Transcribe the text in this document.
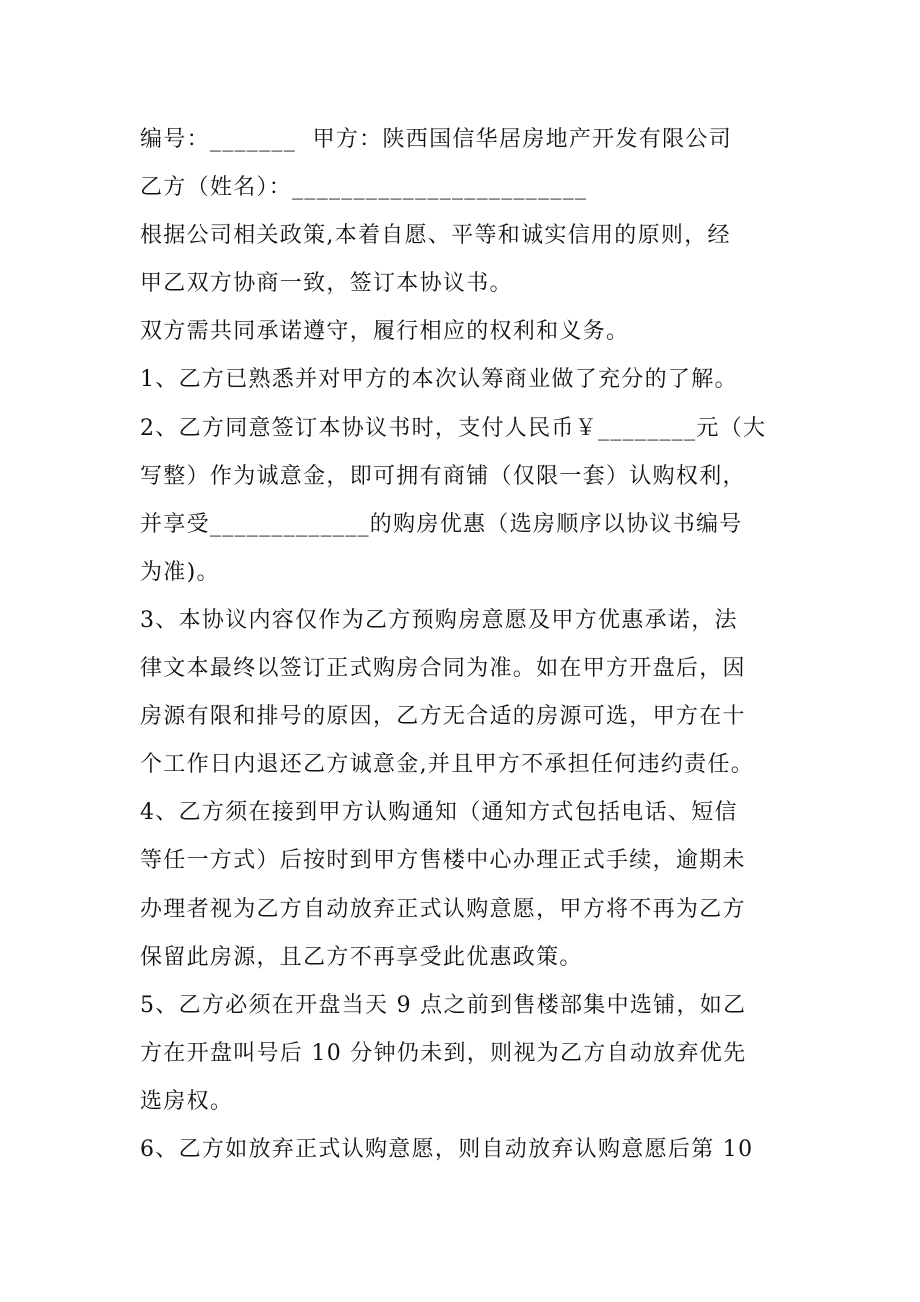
编号：_______  甲方：陕西国信华居房地产开发有限公司
乙方（姓名）：________________________
根据公司相关政策,本着自愿、平等和诚实信用的原则，经
甲乙双方协商一致，签订本协议书。
双方需共同承诺遵守，履行相应的权利和义务。
1、乙方已熟悉并对甲方的本次认筹商业做了充分的了解。
2、乙方同意签订本协议书时，支付人民币￥________元（大
写整）作为诚意金，即可拥有商铺（仅限一套）认购权利，
并享受_____________的购房优惠（选房顺序以协议书编号
为准)。
3、本协议内容仅作为乙方预购房意愿及甲方优惠承诺，法
律文本最终以签订正式购房合同为准。如在甲方开盘后，因
房源有限和排号的原因，乙方无合适的房源可选，甲方在十
个工作日内退还乙方诚意金,并且甲方不承担任何违约责任。
4、乙方须在接到甲方认购通知（通知方式包括电话、短信
等任一方式）后按时到甲方售楼中心办理正式手续，逾期未
办理者视为乙方自动放弃正式认购意愿，甲方将不再为乙方
保留此房源，且乙方不再享受此优惠政策。
5、乙方必须在开盘当天 9 点之前到售楼部集中选铺，如乙
方在开盘叫号后 10 分钟仍未到，则视为乙方自动放弃优先
选房权。
6、乙方如放弃正式认购意愿，则自动放弃认购意愿后第 10
